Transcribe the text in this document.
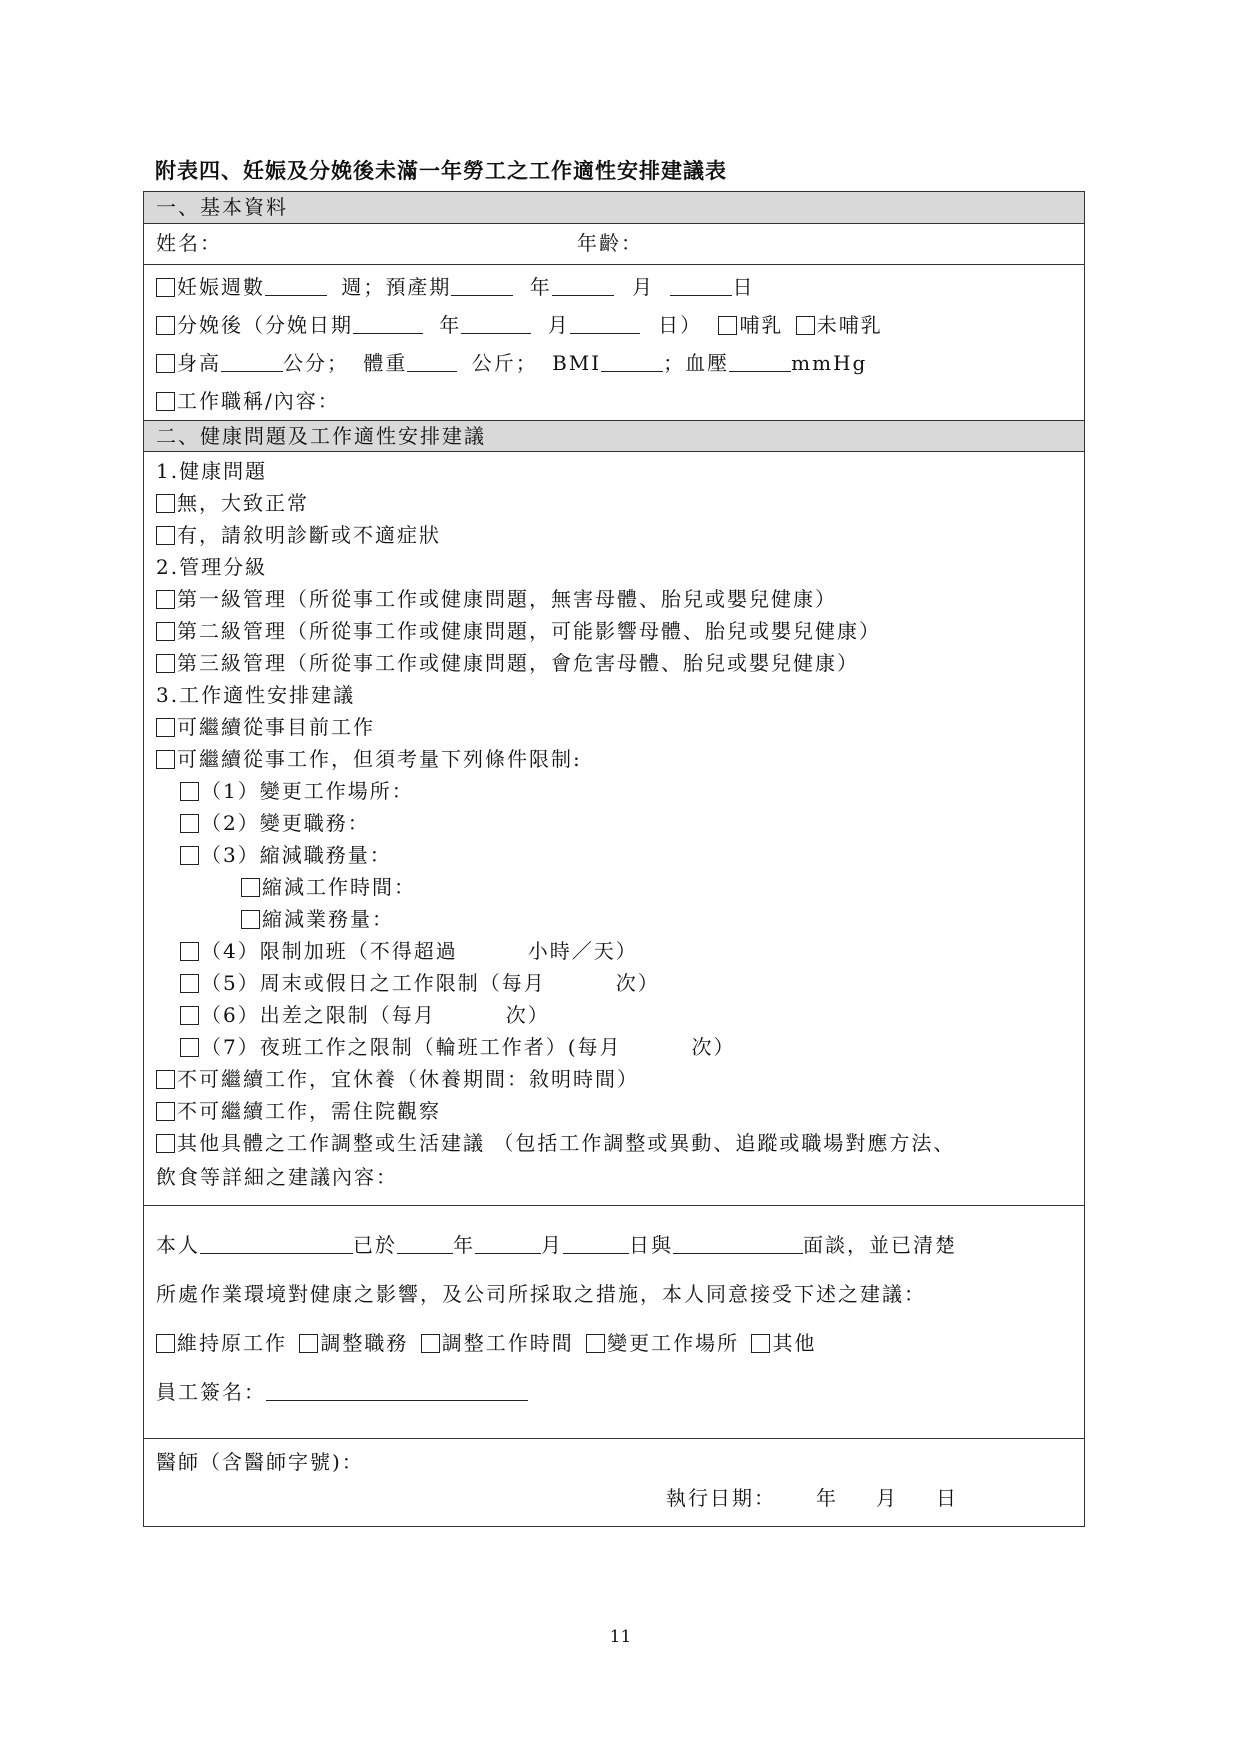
附表四、妊娠及分娩後未滿一年勞工之工作適性安排建議表
一、基本資料
姓名：	年齡：
妊娠週數	週；預產期	年	月	日
分娩後（分娩日期	年	月	日） 哺乳 未哺乳
身高	公分； 體重	公斤； BMI	；血壓	mmHg
工作職稱/內容：
二、健康問題及工作適性安排建議
1.健康問題
無，大致正常
有，請敘明診斷或不適症狀
2.管理分級
第一級管理（所從事工作或健康問題，無害母體、胎兒或嬰兒健康）
第二級管理（所從事工作或健康問題，可能影響母體、胎兒或嬰兒健康）
第三級管理（所從事工作或健康問題，會危害母體、胎兒或嬰兒健康）
3.工作適性安排建議
可繼續從事目前工作
可繼續從事工作，但須考量下列條件限制:
（1）變更工作場所：
（2）變更職務：
（3）縮減職務量：
縮減工作時間：
縮減業務量：
（4）限制加班（不得超過	小時／天）
（5）周末或假日之工作限制（每月	次）
（6）出差之限制（每月	次）
（7）夜班工作之限制（輪班工作者）(每月	次）
不可繼續工作，宜休養（休養期間：敘明時間）
不可繼續工作，需住院觀察
其他具體之工作調整或生活建議 （包括工作調整或異動、追蹤或職場對應方法、
飲食等詳細之建議內容：
本人	已於	年	月	日與	面談，並已清楚
所處作業環境對健康之影響，及公司所採取之措施，本人同意接受下述之建議：
維持原工作 調整職務 調整工作時間 變更工作場所 其他
員工簽名：
醫師（含醫師字號)：
執行日期： 年 月 日
11
